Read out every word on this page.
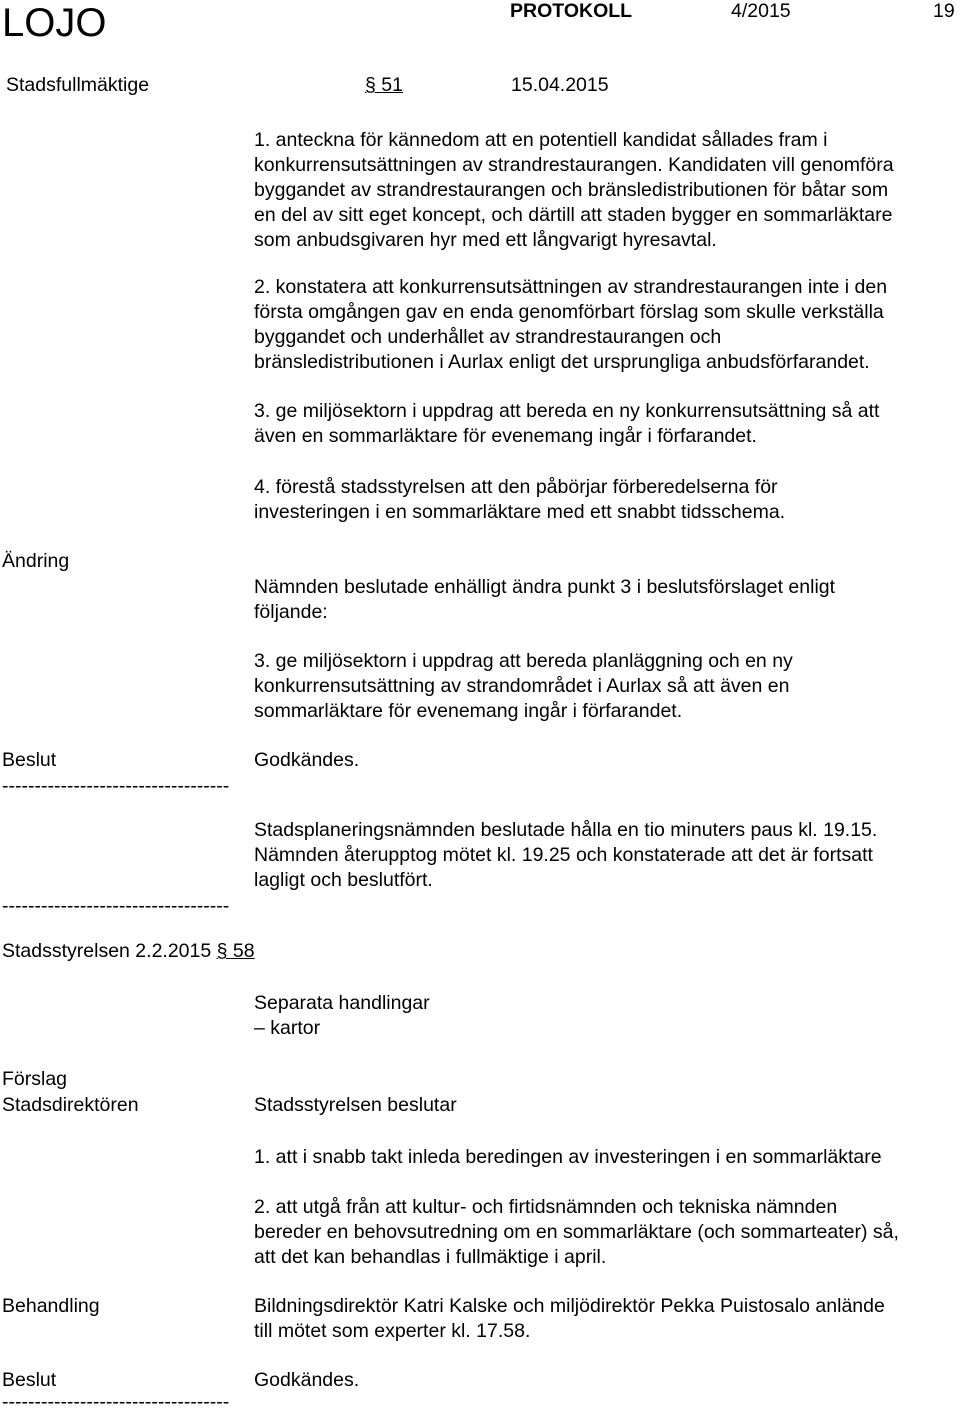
LOJO	PROTOKOLL	4/2015	19
Stadsfullmäktige	§ 51	15.04.2015
1. anteckna för kännedom att en potentiell kandidat sållades fram i
konkurrensutsättningen av strandrestaurangen. Kandidaten vill genomföra
byggandet av strandrestaurangen och bränsledistributionen för båtar som
en del av sitt eget koncept, och därtill att staden bygger en sommarläktare
som anbudsgivaren hyr med ett långvarigt hyresavtal.
2. konstatera att konkurrensutsättningen av strandrestaurangen inte i den
första omgången gav en enda genomförbart förslag som skulle verkställa
byggandet och underhållet av strandrestaurangen och
bränsledistributionen i Aurlax enligt det ursprungliga anbudsförfarandet.
3. ge miljösektorn i uppdrag att bereda en ny konkurrensutsättning så att
även en sommarläktare för evenemang ingår i förfarandet.
4. förestå stadsstyrelsen att den påbörjar förberedelserna för
investeringen i en sommarläktare med ett snabbt tidsschema.
Ändring
Nämnden beslutade enhälligt ändra punkt 3 i beslutsförslaget enligt
följande:
3. ge miljösektorn i uppdrag att bereda planläggning och en ny
konkurrensutsättning av strandområdet i Aurlax så att även en
sommarläktare för evenemang ingår i förfarandet.
Beslut	Godkändes.
-----------------------------------
Stadsplaneringsnämnden beslutade hålla en tio minuters paus kl. 19.15.
Nämnden återupptog mötet kl. 19.25 och konstaterade att det är fortsatt
lagligt och beslutfört.
-----------------------------------
Stadsstyrelsen 2.2.2015 § 58
Separata handlingar
– kartor
Förslag
Stadsdirektören	Stadsstyrelsen beslutar
1. att i snabb takt inleda beredingen av investeringen i en sommarläktare
2. att utgå från att kultur- och firtidsnämnden och tekniska nämnden
bereder en behovsutredning om en sommarläktare (och sommarteater) så,
att det kan behandlas i fullmäktige i april.
Behandling	Bildningsdirektör Katri Kalske och miljödirektör Pekka Puistosalo anlände
till mötet som experter kl. 17.58.
Beslut	Godkändes.
-----------------------------------
